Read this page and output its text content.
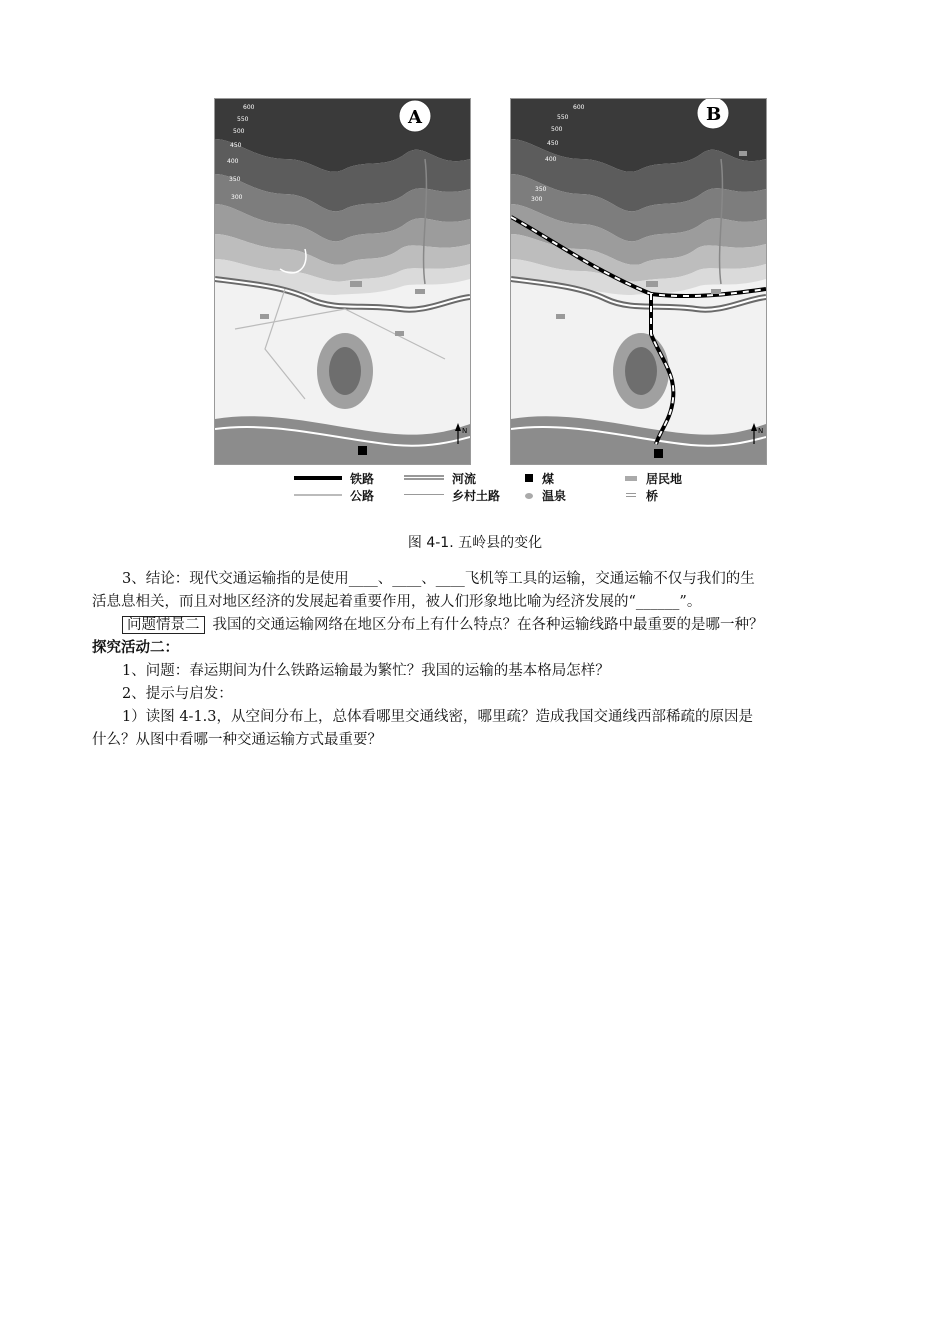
N
A
600
550
500
450
400
350
300
N
B
600
550
500
450
400
350
300
铁路
公路
河流
乡村土路
煤
温泉
居民地
桥
图 4-1. 五岭县的变化

3、结论：现代交通运输指的是使用____、____、____飞机等工具的运输，交通运输不仅与我们的生

活息息相关，而且对地区经济的发展起着重要作用，被人们形象地比喻为经济发展的“______”。

问题情景二 我国的交通运输网络在地区分布上有什么特点？在各种运输线路中最重要的是哪一种？

探究活动二：

1、问题：春运期间为什么铁路运输最为繁忙？我国的运输的基本格局怎样？

2、提示与启发：

1）读图 4-1.3，从空间分布上，总体看哪里交通线密，哪里疏？造成我国交通线西部稀疏的原因是

什么？从图中看哪一种交通运输方式最重要？
